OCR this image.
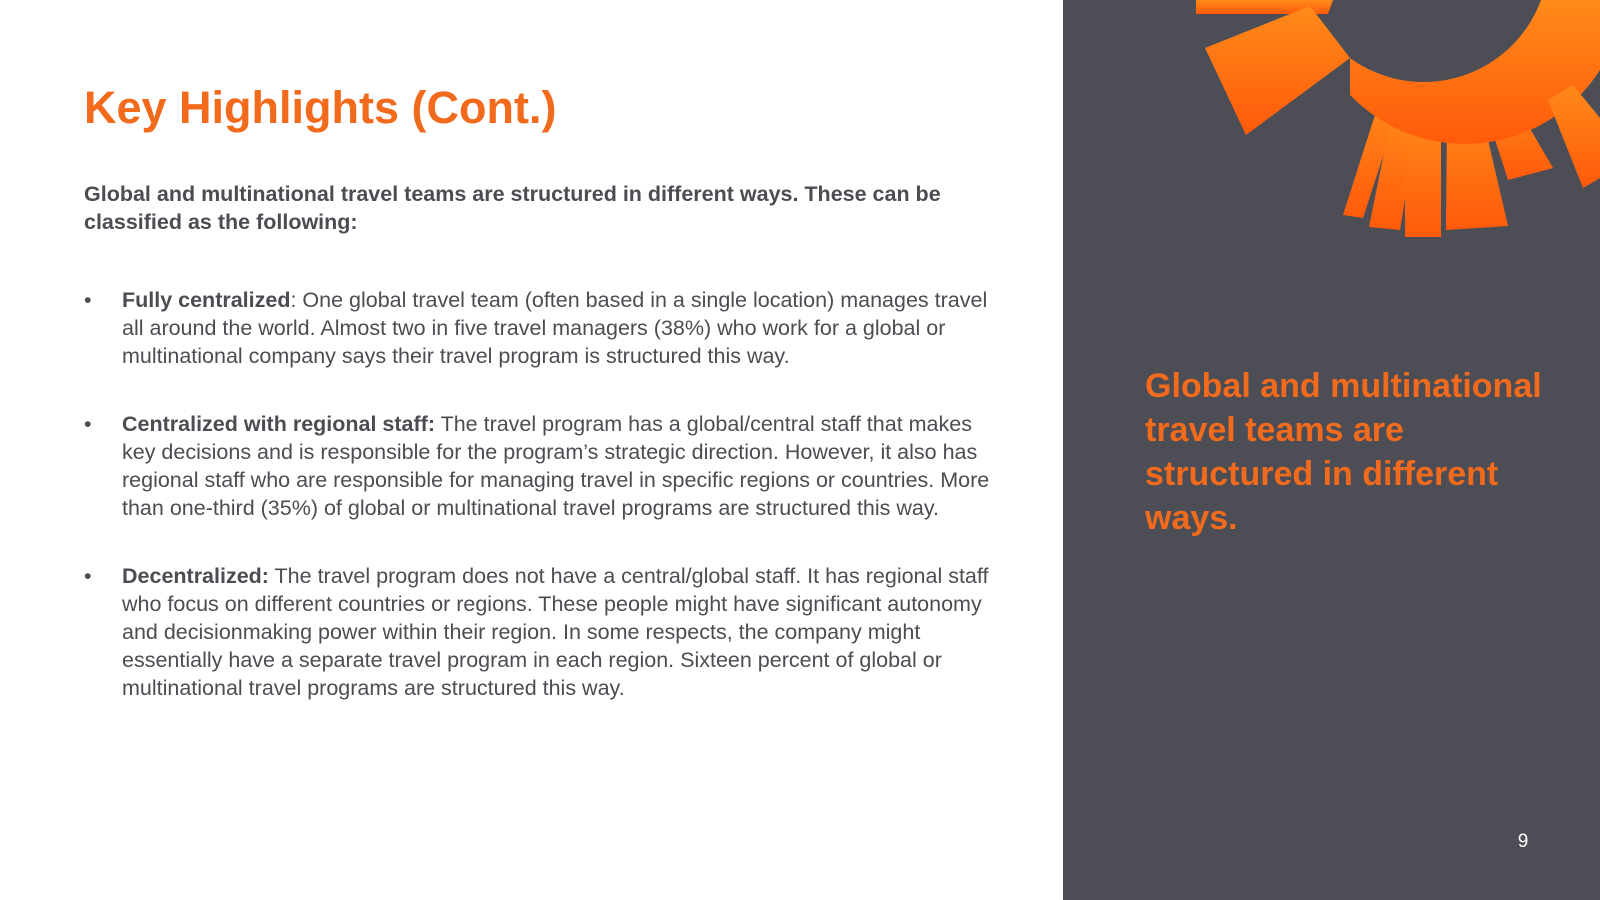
Key Highlights (Cont.)

Global and multinational travel teams are structured in different ways. These can be classified as the following:

• Fully centralized: One global travel team (often based in a single location) manages travel all around the world. Almost two in five travel managers (38%) who work for a global or multinational company says their travel program is structured this way.
• Centralized with regional staff: The travel program has a global/central staff that makes key decisions and is responsible for the program’s strategic direction. However, it also has regional staff who are responsible for managing travel in specific regions or countries. More than one-third (35%) of global or multinational travel programs are structured this way.
• Decentralized: The travel program does not have a central/global staff. It has regional staff who focus on different countries or regions. These people might have significant autonomy and decisionmaking power within their region. In some respects, the company might essentially have a separate travel program in each region. Sixteen percent of global or multinational travel programs are structured this way.

Global and multinational travel teams are structured in different ways.

9
